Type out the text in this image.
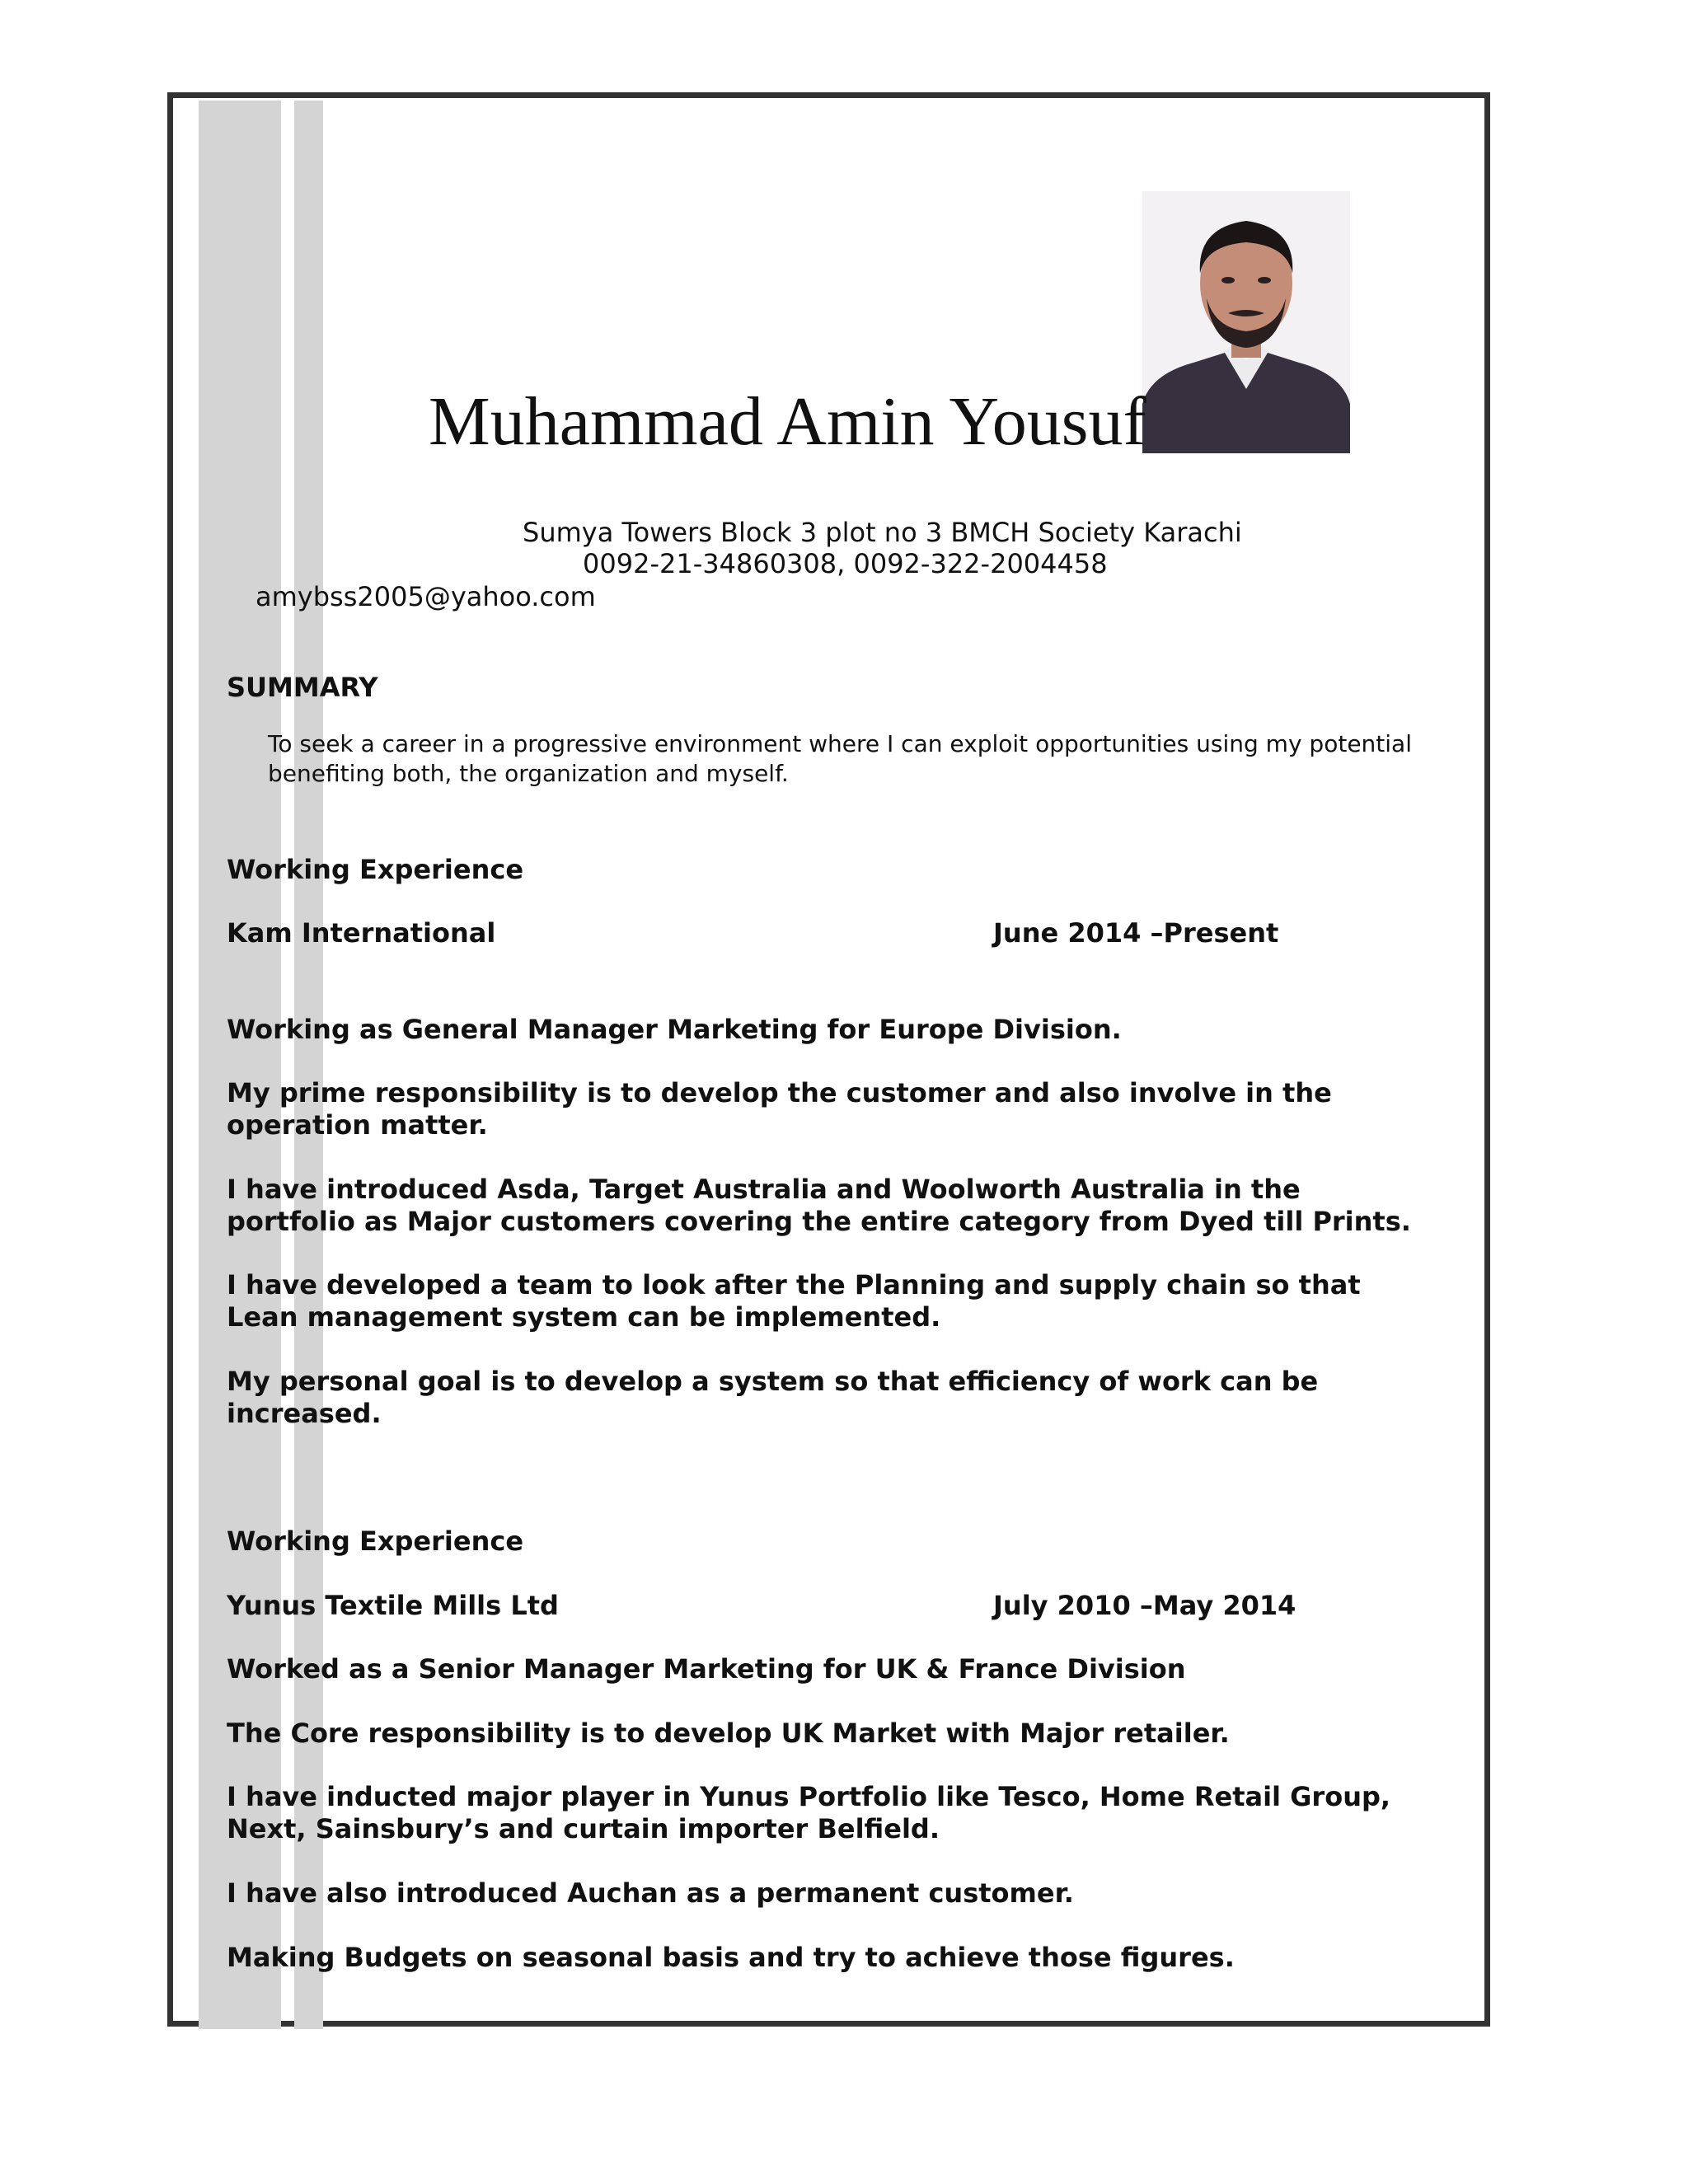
Muhammad Amin Yousuf
Sumya Towers Block 3 plot no 3 BMCH Society Karachi
0092-21-34860308, 0092-322-2004458
amybss2005@yahoo.com
SUMMARY
To seek a career in a progressive environment where I can exploit opportunities using my potential benefiting both, the organization and myself.
Working Experience
Kam International	June 2014 –Present
Working as General Manager Marketing for Europe Division.
My prime responsibility is to develop the customer and also involve in the operation matter.
I have introduced Asda, Target Australia and Woolworth Australia in the portfolio as Major customers covering the entire category from Dyed till Prints.
I have developed a team to look after the Planning and supply chain so that Lean management system can be implemented.
My personal goal is to develop a system so that efficiency of work can be increased.
Working Experience
Yunus Textile Mills Ltd	July 2010 –May 2014
Worked as a Senior Manager Marketing for UK & France Division
The Core responsibility is to develop UK Market with Major retailer.
I have inducted major player in Yunus Portfolio like Tesco, Home Retail Group, Next, Sainsbury’s and curtain importer Belfield.
I have also introduced Auchan as a permanent customer.
Making Budgets on seasonal basis and try to achieve those figures.
